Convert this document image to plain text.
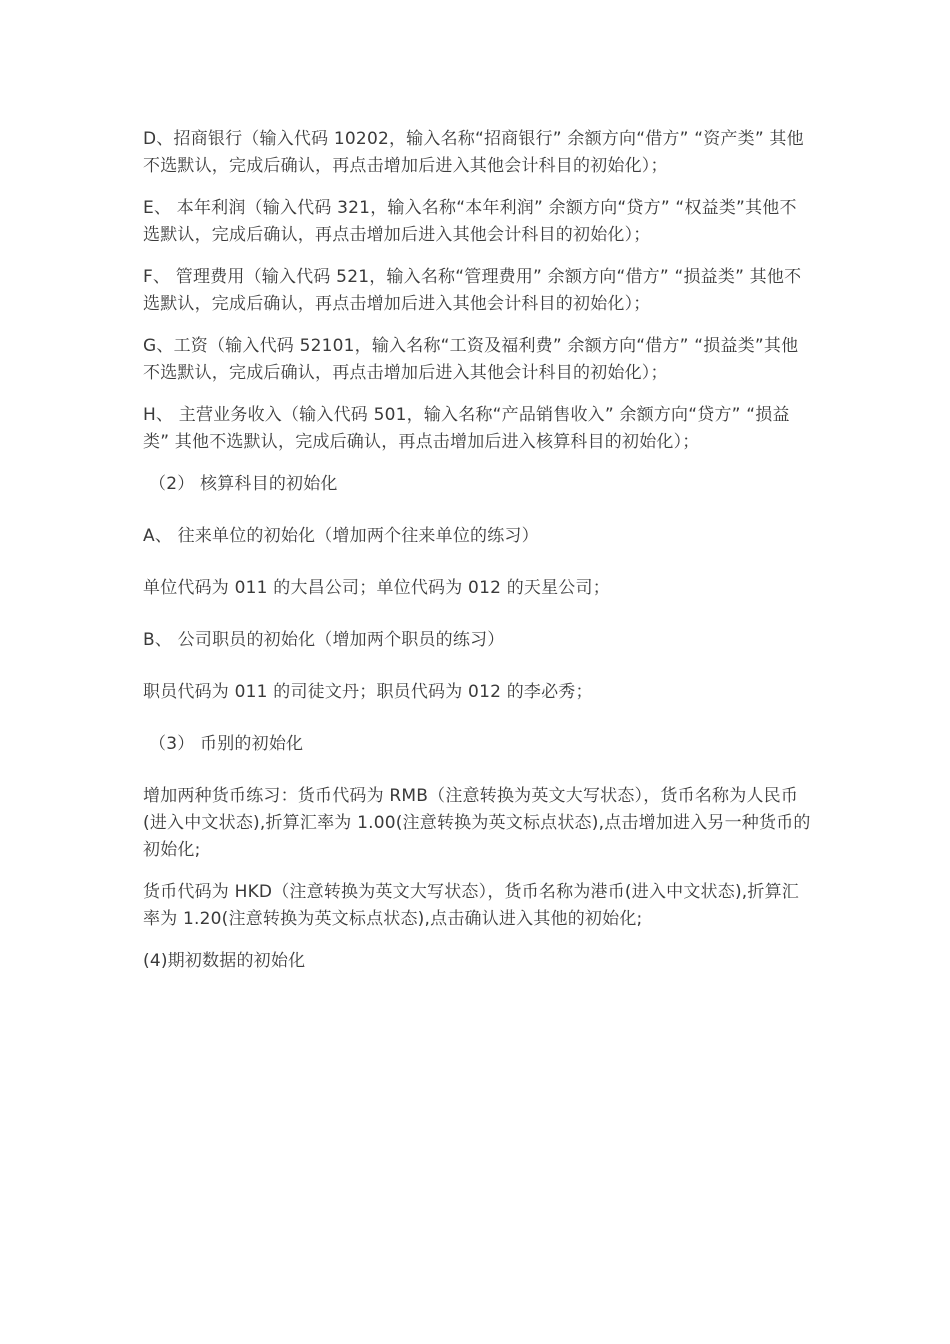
D、招商银行（输入代码 10202，输入名称“招商银行” 余额方向“借方” “资产类” 其他不选默认，完成后确认，再点击增加后进入其他会计科目的初始化）；

E、 本年利润（输入代码 321，输入名称“本年利润” 余额方向“贷方” “权益类”其他不选默认，完成后确认，再点击增加后进入其他会计科目的初始化）；

F、 管理费用（输入代码 521，输入名称“管理费用” 余额方向“借方” “损益类” 其他不选默认，完成后确认，再点击增加后进入其他会计科目的初始化）；

G、工资（输入代码 52101，输入名称“工资及福利费” 余额方向“借方” “损益类”其他不选默认，完成后确认，再点击增加后进入其他会计科目的初始化）；

H、 主营业务收入（输入代码 501，输入名称“产品销售收入” 余额方向“贷方” “损益类” 其他不选默认，完成后确认，再点击增加后进入核算科目的初始化）；

（2） 核算科目的初始化

A、 往来单位的初始化（增加两个往来单位的练习）

单位代码为 011 的大昌公司；单位代码为 012 的天星公司；

B、 公司职员的初始化（增加两个职员的练习）

职员代码为 011 的司徒文丹；职员代码为 012 的李必秀；

（3） 币别的初始化

增加两种货币练习：货币代码为 RMB（注意转换为英文大写状态），货币名称为人民币(进入中文状态),折算汇率为 1.00(注意转换为英文标点状态),点击增加进入另一种货币的初始化;

货币代码为 HKD（注意转换为英文大写状态），货币名称为港币(进入中文状态),折算汇率为 1.20(注意转换为英文标点状态),点击确认进入其他的初始化;

(4)期初数据的初始化
